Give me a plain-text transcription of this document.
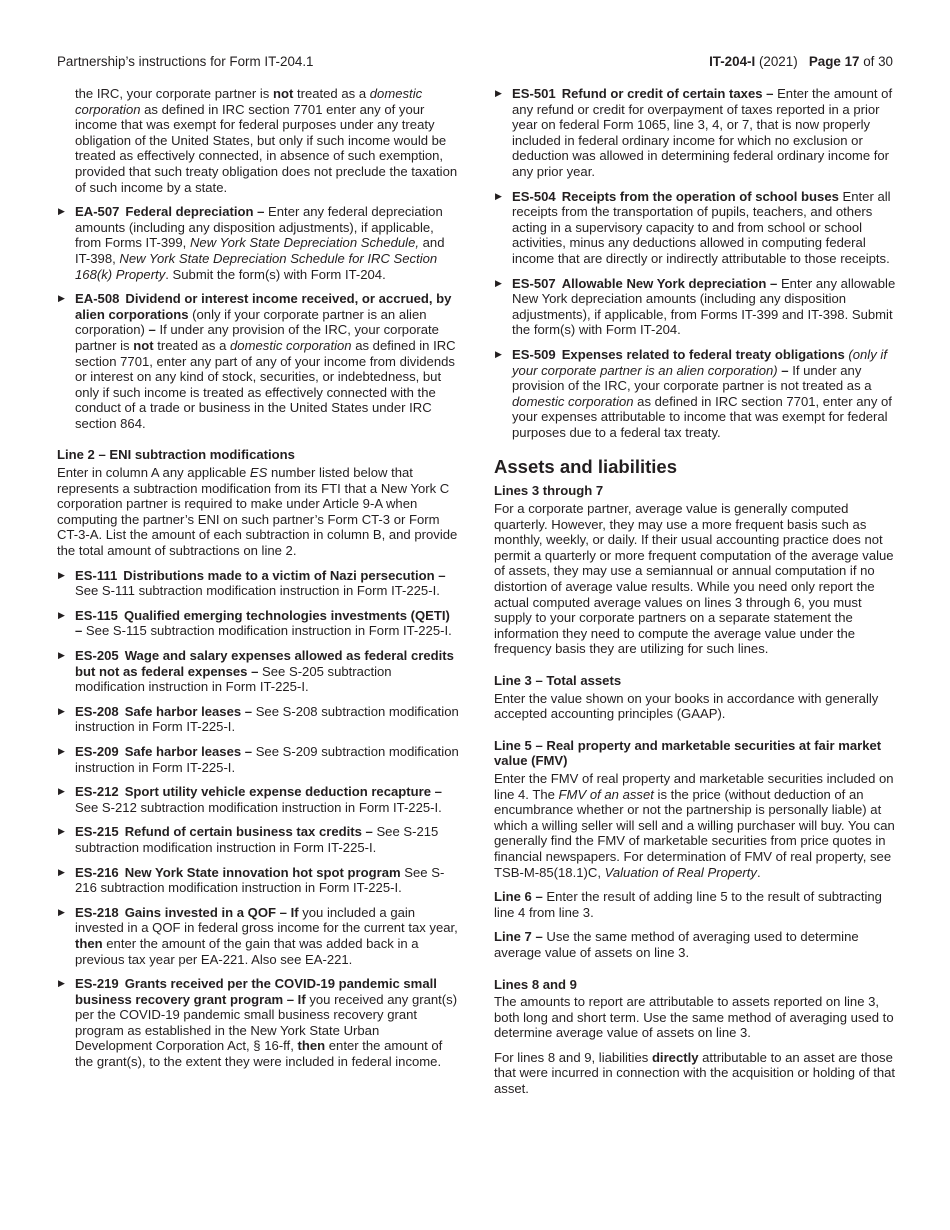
Partnership’s instructions for Form IT-204.1	IT-204-I (2021) Page 17 of 30

the IRC, your corporate partner is not treated as a domestic corporation as defined in IRC section 7701 enter any of your income that was exempt for federal purposes under any treaty obligation of the United States, but only if such income would be treated as effectively connected, in absence of such exemption, provided that such treaty obligation does not preclude the taxation of such income by a state.

▶ EA-507 Federal depreciation – Enter any federal depreciation amounts (including any disposition adjustments), if applicable, from Forms IT-399, New York State Depreciation Schedule, and IT-398, New York State Depreciation Schedule for IRC Section 168(k) Property. Submit the form(s) with Form IT-204.
▶ EA-508 Dividend or interest income received, or accrued, by alien corporations (only if your corporate partner is an alien corporation) – If under any provision of the IRC, your corporate partner is not treated as a domestic corporation as defined in IRC section 7701, enter any part of any of your income from dividends or interest on any kind of stock, securities, or indebtedness, but only if such income is treated as effectively connected with the conduct of a trade or business in the United States under IRC section 864.

Line 2 – ENI subtraction modifications

Enter in column A any applicable ES number listed below that represents a subtraction modification from its FTI that a New York C corporation partner is required to make under Article 9-A when computing the partner’s ENI on such partner’s Form CT-3 or Form CT-3-A. List the amount of each subtraction in column B, and provide the total amount of subtractions on line 2.

▶ ES-111 Distributions made to a victim of Nazi persecution – See S-111 subtraction modification instruction in Form IT-225-I.
▶ ES-115 Qualified emerging technologies investments (QETI) – See S-115 subtraction modification instruction in Form IT-225-I.
▶ ES-205 Wage and salary expenses allowed as federal credits but not as federal expenses – See S-205 subtraction modification instruction in Form IT-225-I.
▶ ES-208 Safe harbor leases – See S-208 subtraction modification instruction in Form IT-225-I.
▶ ES-209 Safe harbor leases – See S-209 subtraction modification instruction in Form IT-225-I.
▶ ES-212 Sport utility vehicle expense deduction recapture – See S-212 subtraction modification instruction in Form IT-225-I.
▶ ES-215 Refund of certain business tax credits – See S-215 subtraction modification instruction in Form IT-225-I.
▶ ES-216 New York State innovation hot spot program See S-216 subtraction modification instruction in Form IT-225-I.
▶ ES-218 Gains invested in a QOF – If you included a gain invested in a QOF in federal gross income for the current tax year, then enter the amount of the gain that was added back in a previous tax year per EA-221. Also see EA-221.
▶ ES-219 Grants received per the COVID-19 pandemic small business recovery grant program – If you received any grant(s) per the COVID-19 pandemic small business recovery grant program as established in the New York State Urban Development Corporation Act, § 16-ff, then enter the amount of the grant(s), to the extent they were included in federal income.
▶ ES-501 Refund or credit of certain taxes – Enter the amount of any refund or credit for overpayment of taxes reported in a prior year on federal Form 1065, line 3, 4, or 7, that is now properly included in federal ordinary income for which no exclusion or deduction was allowed in determining federal ordinary income for any prior year.
▶ ES-504 Receipts from the operation of school buses Enter all receipts from the transportation of pupils, teachers, and others acting in a supervisory capacity to and from school or school activities, minus any deductions allowed in computing federal income that are directly or indirectly attributable to those receipts.
▶ ES-507 Allowable New York depreciation – Enter any allowable New York depreciation amounts (including any disposition adjustments), if applicable, from Forms IT-399 and IT-398. Submit the form(s) with Form IT-204.
▶ ES-509 Expenses related to federal treaty obligations (only if your corporate partner is an alien corporation) – If under any provision of the IRC, your corporate partner is not treated as a domestic corporation as defined in IRC section 7701, enter any of your expenses attributable to income that was exempt for federal purposes due to a federal tax treaty.

Assets and liabilities

Lines 3 through 7

For a corporate partner, average value is generally computed quarterly. However, they may use a more frequent basis such as monthly, weekly, or daily. If their usual accounting practice does not permit a quarterly or more frequent computation of the average value of assets, they may use a semiannual or annual computation if no distortion of average value results. While you need only report the actual computed average values on lines 3 through 6, you must supply to your corporate partners on a separate statement the information they need to compute the average value under the frequency basis they are utilizing for such lines.

Line 3 – Total assets

Enter the value shown on your books in accordance with generally accepted accounting principles (GAAP).

Line 5 – Real property and marketable securities at fair market value (FMV)

Enter the FMV of real property and marketable securities included on line 4. The FMV of an asset is the price (without deduction of an encumbrance whether or not the partnership is personally liable) at which a willing seller will sell and a willing purchaser will buy. You can generally find the FMV of marketable securities from price quotes in financial newspapers. For determination of FMV of real property, see TSB-M-85(18.1)C, Valuation of Real Property.

Line 6 – Enter the result of adding line 5 to the result of subtracting line 4 from line 3.

Line 7 – Use the same method of averaging used to determine average value of assets on line 3.

Lines 8 and 9

The amounts to report are attributable to assets reported on line 3, both long and short term. Use the same method of averaging used to determine average value of assets on line 3.

For lines 8 and 9, liabilities directly attributable to an asset are those that were incurred in connection with the acquisition or holding of that asset.
